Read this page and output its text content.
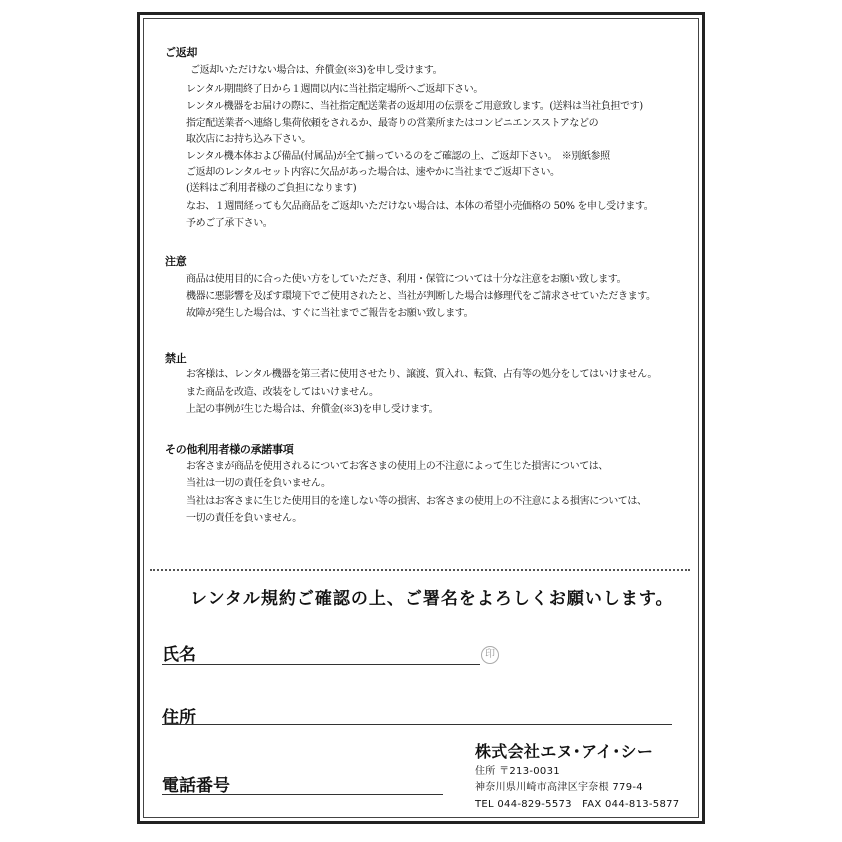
ご返却
ご返却いただけない場合は、弁償金(※3)を申し受けます。
レンタル期間終了日から１週間以内に当社指定場所へご返却下さい。
レンタル機器をお届けの際に、当社指定配送業者の返却用の伝票をご用意致します。(送料は当社負担です)
指定配送業者へ連絡し集荷依頼をされるか、最寄りの営業所またはコンビニエンスストアなどの
取次店にお持ち込み下さい。
レンタル機本体および備品(付属品)が全て揃っているのをご確認の上、ご返却下さい。　※別紙参照
ご返却のレンタルセット内容に欠品があった場合は、速やかに当社までご返却下さい。
(送料はご利用者様のご負担になります)
なお、１週間経っても欠品商品をご返却いただけない場合は、本体の希望小売価格の 50% を申し受けます。
予めご了承下さい。
注意
商品は使用目的に合った使い方をしていただき、利用・保管については十分な注意をお願い致します。
機器に悪影響を及ぼす環境下でご使用されたと、当社が判断した場合は修理代をご請求させていただきます。
故障が発生した場合は、すぐに当社までご報告をお願い致します。
禁止
お客様は、レンタル機器を第三者に使用させたり、譲渡、質入れ、転貸、占有等の処分をしてはいけません。
また商品を改造、改装をしてはいけません。
上記の事例が生じた場合は、弁償金(※3)を申し受けます。
その他利用者様の承諾事項
お客さまが商品を使用されるについてお客さまの使用上の不注意によって生じた損害については、
当社は一切の責任を負いません。
当社はお客さまに生じた使用目的を達しない等の損害、お客さまの使用上の不注意による損害については、
一切の責任を負いません。
レンタル規約ご確認の上、ご署名をよろしくお願いします。
氏名	印
住所
電話番号
株式会社エヌ･アイ･シー
住所 〒213-0031
神奈川県川崎市高津区宇奈根 779-4
TEL 044-829-5573　FAX 044-813-5877
